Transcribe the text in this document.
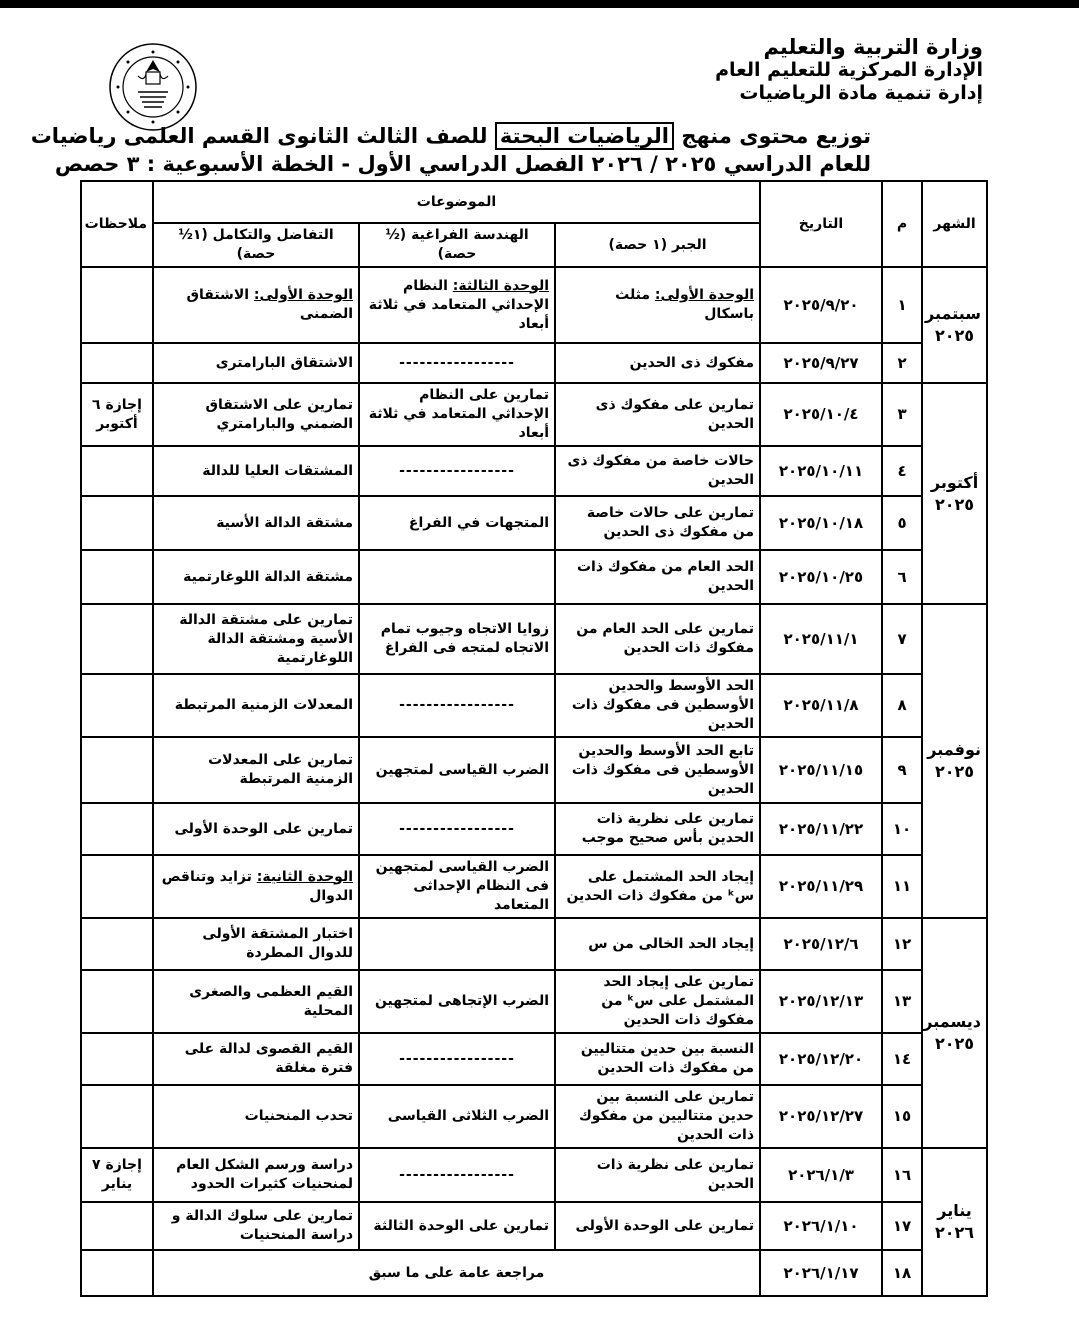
وزارة التربية والتعليم
الإدارة المركزية للتعليم العام
إدارة تنمية مادة الرياضيات
توزيع محتوى منهج الرياضيات البحتة للصف الثالث الثانوى القسم العلمى رياضيات
للعام الدراسي ٢٠٢٥ / ٢٠٢٦ الفصل الدراسي الأول - الخطة الأسبوعية : ٣ حصص
الشهر	م	التاريخ	الموضوعات			ملاحظات
			الجبر (١ حصة)	الهندسة الفراغية (½ حصة)	التفاضل والتكامل (١½ حصة)	

سبتمبر
٢٠٢٥	١	٢٠٢٥/٩/٢٠	الوحدة الأولى: مثلث باسكال	الوحدة الثالثة: النظام الإحداثي المتعامد في ثلاثة أبعاد	الوحدة الأولى: الاشتقاق الضمنى	
	٢	٢٠٢٥/٩/٢٧	مفكوك ذى الحدين	-----------------	الاشتقاق البارامترى	

أكتوبر
٢٠٢٥	٣	٢٠٢٥/١٠/٤	تمارين على مفكوك ذى الحدين	تمارين على النظام الإحداثي المتعامد في ثلاثة أبعاد	تمارين على الاشتقاق الضمني والبارامتري	إجازة ٦ أكتوبر
	٤	٢٠٢٥/١٠/١١	حالات خاصة من مفكوك ذى الحدين	-----------------	المشتقات العليا للدالة	
	٥	٢٠٢٥/١٠/١٨	تمارين على حالات خاصة من مفكوك ذى الحدين	المتجهات في الفراغ	مشتقة الدالة الأسية	
	٦	٢٠٢٥/١٠/٢٥	الحد العام من مفكوك ذات الحدين		مشتقة الدالة اللوغارتمية	

نوفمبر
٢٠٢٥	٧	٢٠٢٥/١١/١	تمارين على الحد العام من مفكوك ذات الحدين	زوايا الاتجاه وجيوب تمام الاتجاه لمتجه فى الفراغ	تمارين على مشتقة الدالة الأسية ومشتقة الدالة اللوغارتمية	
	٨	٢٠٢٥/١١/٨	الحد الأوسط والحدين الأوسطين فى مفكوك ذات الحدين	-----------------	المعدلات الزمنية المرتبطة	
	٩	٢٠٢٥/١١/١٥	تابع الحد الأوسط والحدين الأوسطين فى مفكوك ذات الحدين	الضرب القياسى لمتجهين	تمارين على المعدلات الزمنية المرتبطة	
	١٠	٢٠٢٥/١١/٢٢	تمارين على نظرية ذات الحدين بأس صحيح موجب	-----------------	تمارين على الوحدة الأولى	
	١١	٢٠٢٥/١١/٢٩	إيجاد الحد المشتمل على سᵏ من مفكوك ذات الحدين	الضرب القياسى لمتجهين فى النظام الإحداثى المتعامد	الوحدة الثانية: تزايد وتناقص الدوال	

ديسمبر
٢٠٢٥	١٢	٢٠٢٥/١٢/٦	إيجاد الحد الخالى من س		اختبار المشتقة الأولى للدوال المطردة	
	١٣	٢٠٢٥/١٢/١٣	تمارين على إيجاد الحد المشتمل على سᵏ من مفكوك ذات الحدين	الضرب الإتجاهى لمتجهين	القيم العظمى والصغرى المحلية	
	١٤	٢٠٢٥/١٢/٢٠	النسبة بين حدين متتاليين من مفكوك ذات الحدين	-----------------	القيم القصوى لدالة على فترة مغلقة	
	١٥	٢٠٢٥/١٢/٢٧	تمارين على النسبة بين حدين متتاليين من مفكوك ذات الحدين	الضرب الثلاثى القياسى	تحدب المنحنيات	

يناير
٢٠٢٦	١٦	٢٠٢٦/١/٣	تمارين على نظرية ذات الحدين	-----------------	دراسة ورسم الشكل العام لمنحنيات كثيرات الحدود	إجازة ٧ يناير
	١٧	٢٠٢٦/١/١٠	تمارين على الوحدة الأولى	تمارين على الوحدة الثالثة	تمارين على سلوك الدالة و دراسة المنحنيات	
	١٨	٢٠٢٦/١/١٧	مراجعة عامة على ما سبق			
